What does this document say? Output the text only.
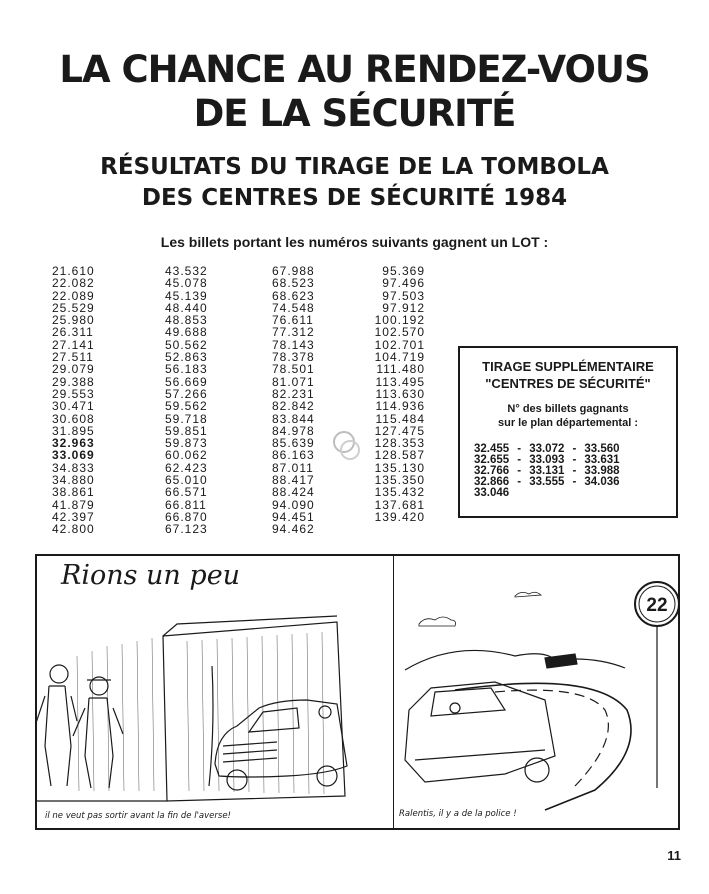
LA CHANCE AU RENDEZ-VOUS
DE LA SÉCURITÉ
RÉSULTATS DU TIRAGE DE LA TOMBOLA
DES CENTRES DE SÉCURITÉ 1984
Les billets portant les numéros suivants gagnent un LOT :
21.610
22.082
22.089
25.529
25.980
26.311
27.141
27.511
29.079
29.388
29.553
30.471
30.608
31.895
32.963
33.069
34.833
34.880
38.861
41.879
42.397
42.800
43.532
45.078
45.139
48.440
48.853
49.688
50.562
52.863
56.183
56.669
57.266
59.562
59.718
59.851
59.873
60.062
62.423
65.010
66.571
66.811
66.870
67.123
67.988
68.523
68.623
74.548
76.611
77.312
78.143
78.378
78.501
81.071
82.231
82.842
83.844
84.978
85.639
86.163
87.011
88.417
88.424
94.090
94.451
94.462
95.369
97.496
97.503
97.912
100.192
102.570
102.701
104.719
111.480
113.495
113.630
114.936
115.484
127.475
128.353
128.587
135.130
135.350
135.432
137.681
139.420
TIRAGE SUPPLÉMENTAIRE
"CENTRES DE SÉCURITÉ"
N° des billets gagnants
sur le plan départemental :
32.455	-	33.072	-	33.560
32.655	-	33.093	-	33.631
32.766	-	33.131	-	33.988
32.866	-	33.555	-	34.036
33.046				
Rions un peu
il ne veut pas sortir avant la fin de l'averse!
22
Ralentis, il y a de la police !
11
